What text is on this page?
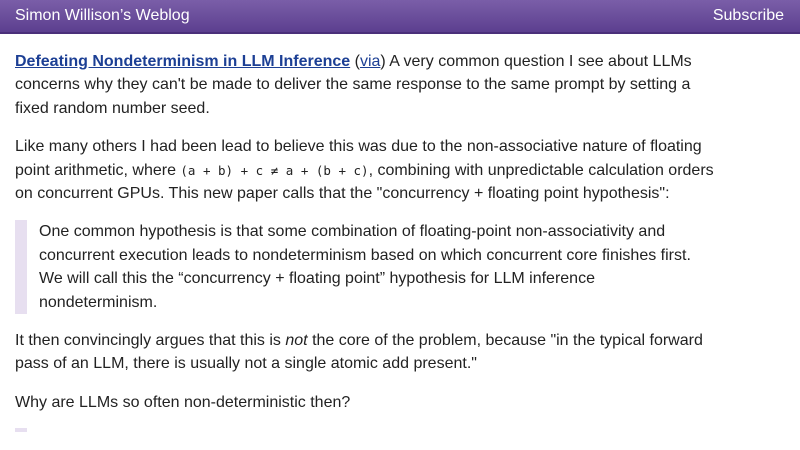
Simon Willison’s Weblog	Subscribe

Defeating Nondeterminism in LLM Inference (via) A very common question I see about LLMs concerns why they can't be made to deliver the same response to the same prompt by setting a fixed random number seed.

Like many others I had been lead to believe this was due to the non-associative nature of floating point arithmetic, where (a + b) + c ≠ a + (b + c), combining with unpredictable calculation orders on concurrent GPUs. This new paper calls that the "concurrency + floating point hypothesis":

One common hypothesis is that some combination of floating-point non-associativity and concurrent execution leads to nondeterminism based on which concurrent core finishes first. We will call this the “concurrency + floating point” hypothesis for LLM inference nondeterminism.

It then convincingly argues that this is not the core of the problem, because "in the typical forward pass of an LLM, there is usually not a single atomic add present."

Why are LLMs so often non-deterministic then?
